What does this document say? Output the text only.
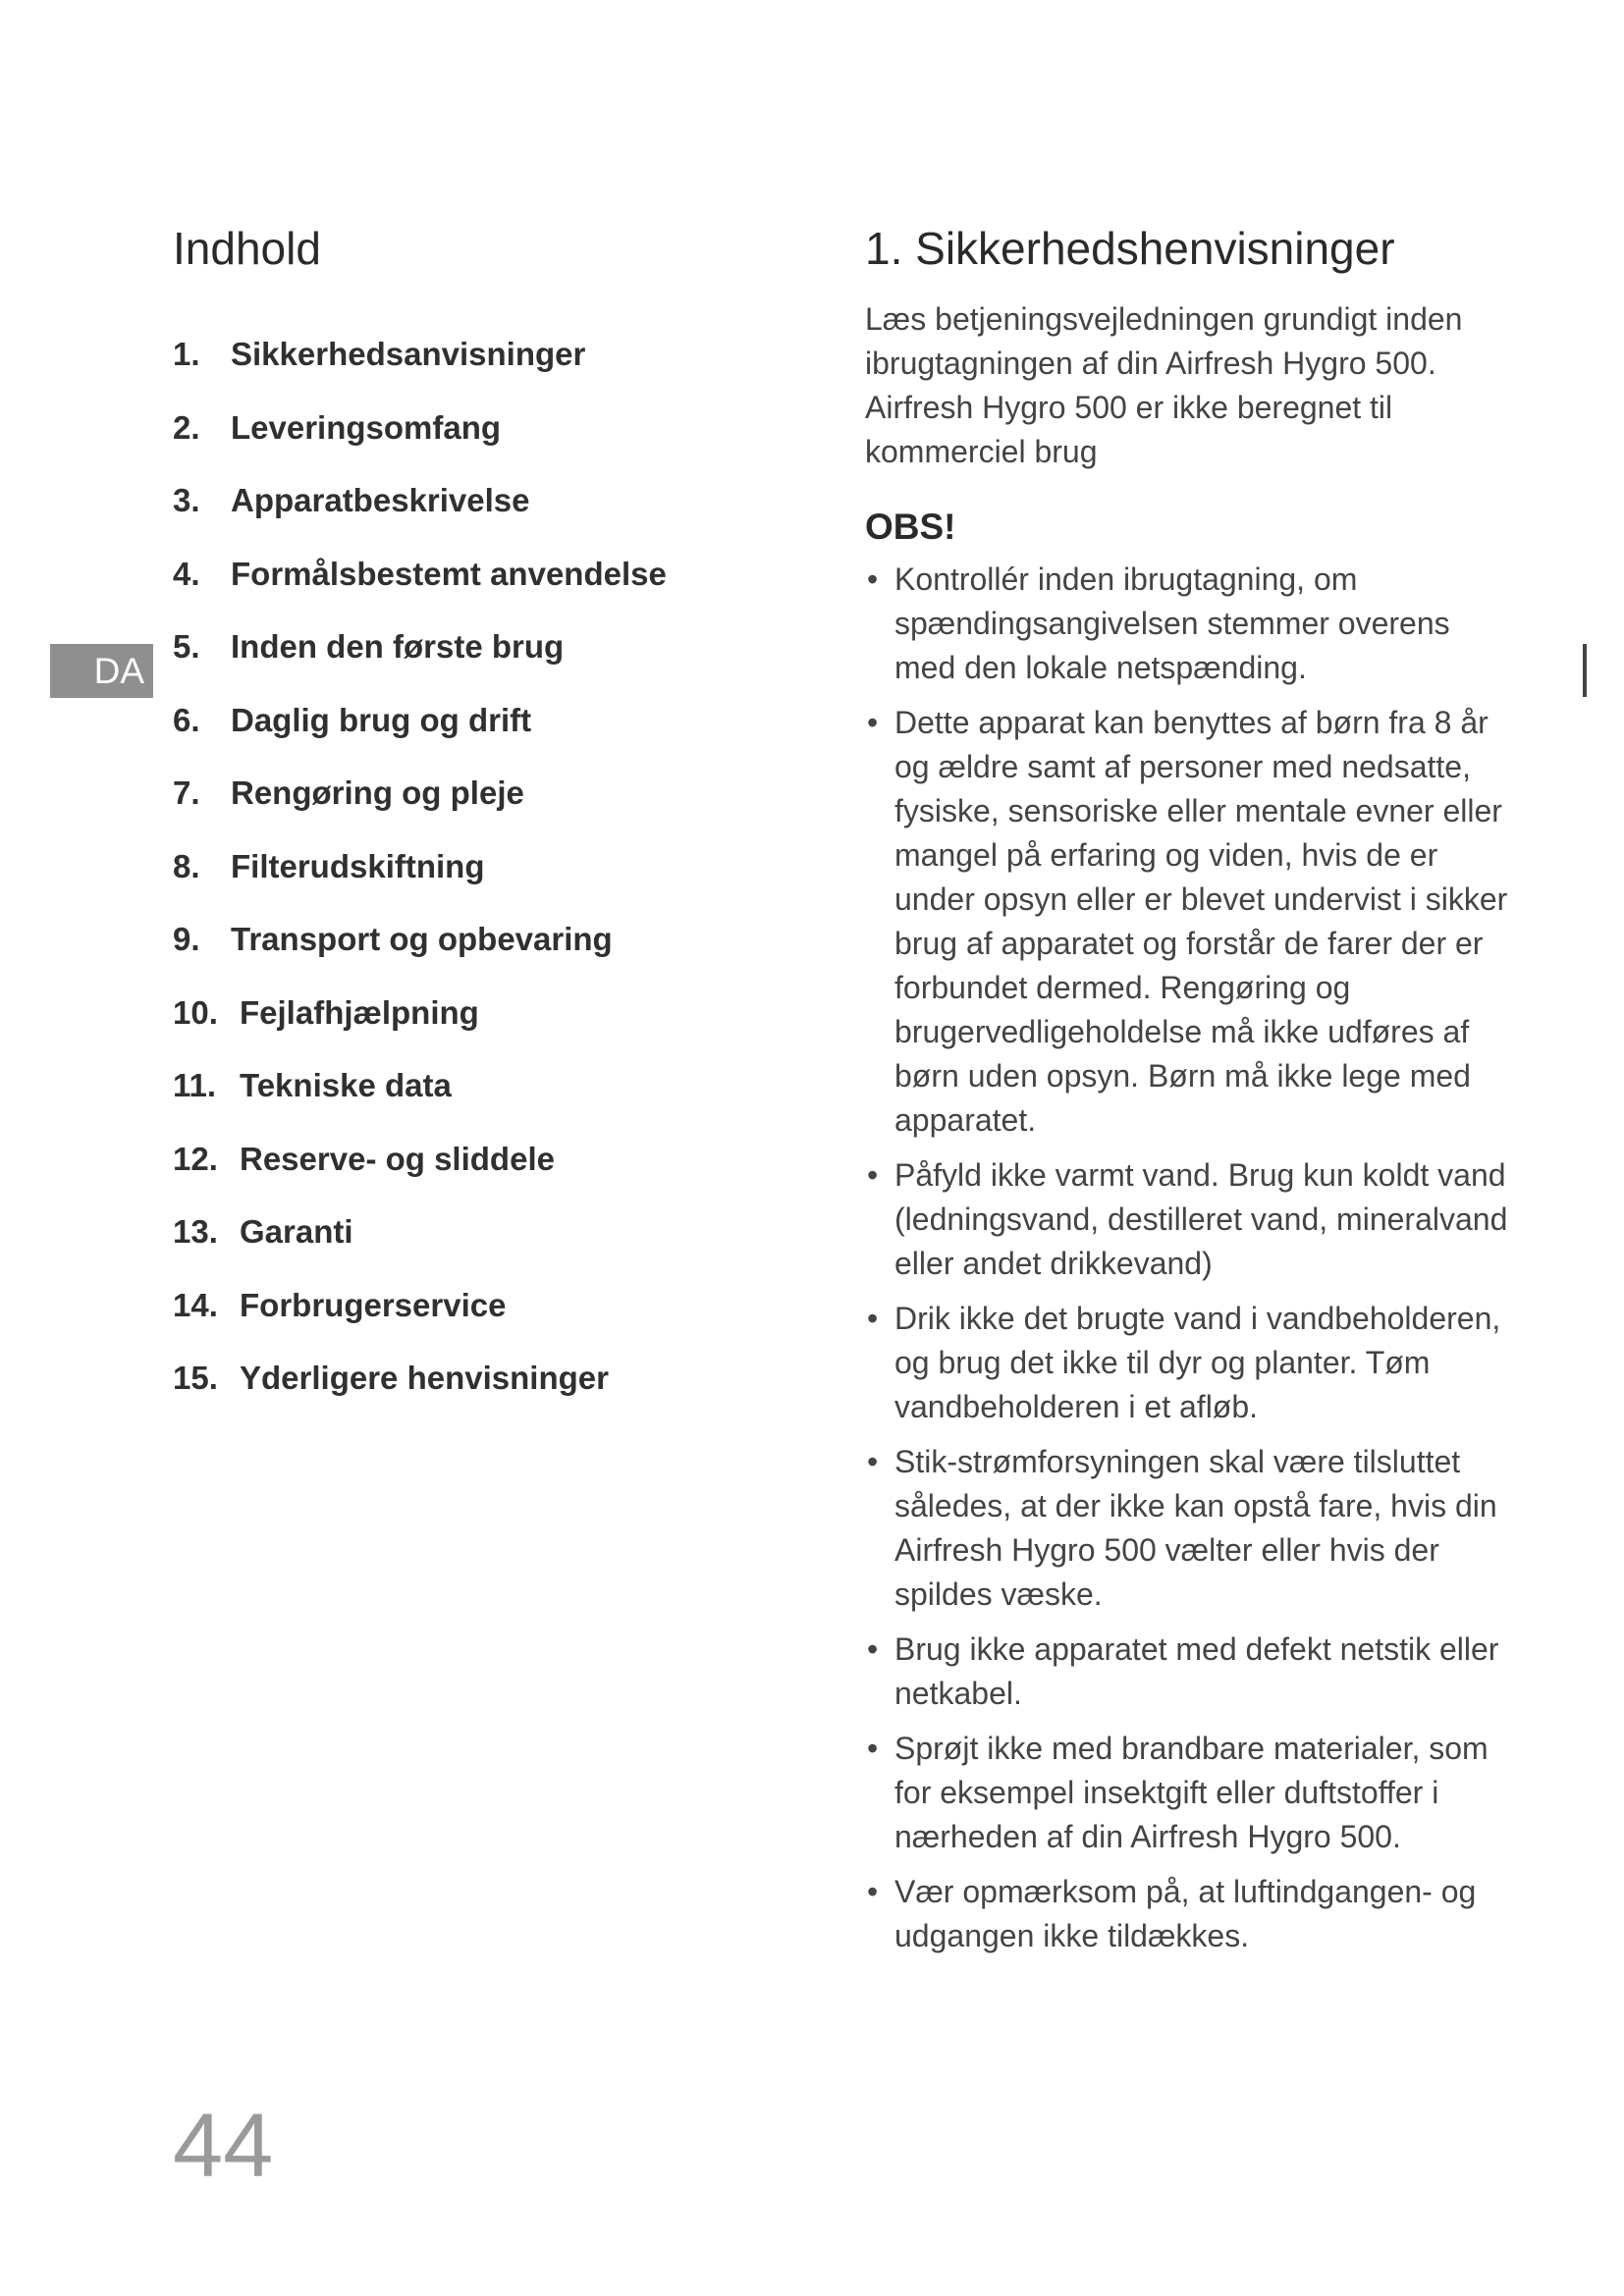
Indhold
1. Sikkerhedsanvisninger
2. Leveringsomfang
3. Apparatbeskrivelse
4. Formålsbestemt anvendelse
5. Inden den første brug
6. Daglig brug og drift
7. Rengøring og pleje
8. Filterudskiftning
9. Transport og opbevaring
10. Fejlafhjælpning
11. Tekniske data
12. Reserve- og sliddele
13. Garanti
14. Forbrugerservice
15. Yderligere henvisninger
DA
1. Sikkerhedshenvisninger

Læs betjeningsvejledningen grundigt inden ibrugtagningen af din Airfresh Hygro 500. Airfresh Hygro 500 er ikke beregnet til kommerciel brug

OBS!
• Kontrollér inden ibrugtagning, om spændingsangivelsen stemmer overens med den lokale netspænding.
• Dette apparat kan benyttes af børn fra 8 år og ældre samt af personer med nedsatte, fysiske, sensoriske eller mentale evner eller mangel på erfaring og viden, hvis de er under opsyn eller er blevet undervist i sikker brug af apparatet og forstår de farer der er forbundet dermed. Rengøring og brugervedligeholdelse må ikke udføres af børn uden opsyn. Børn må ikke lege med apparatet.
• Påfyld ikke varmt vand. Brug kun koldt vand (ledningsvand, destilleret vand, mineralvand eller andet drikkevand)
• Drik ikke det brugte vand i vandbeholderen, og brug det ikke til dyr og planter. Tøm vandbeholderen i et afløb.
• Stik-strømforsyningen skal være tilsluttet således, at der ikke kan opstå fare, hvis din Airfresh Hygro 500 vælter eller hvis der spildes væske.
• Brug ikke apparatet med defekt netstik eller netkabel.
• Sprøjt ikke med brandbare materialer, som for eksempel insektgift eller duftstoffer i nærheden af din Airfresh Hygro 500.
• Vær opmærksom på, at luftindgangen- og udgangen ikke tildækkes.
44
